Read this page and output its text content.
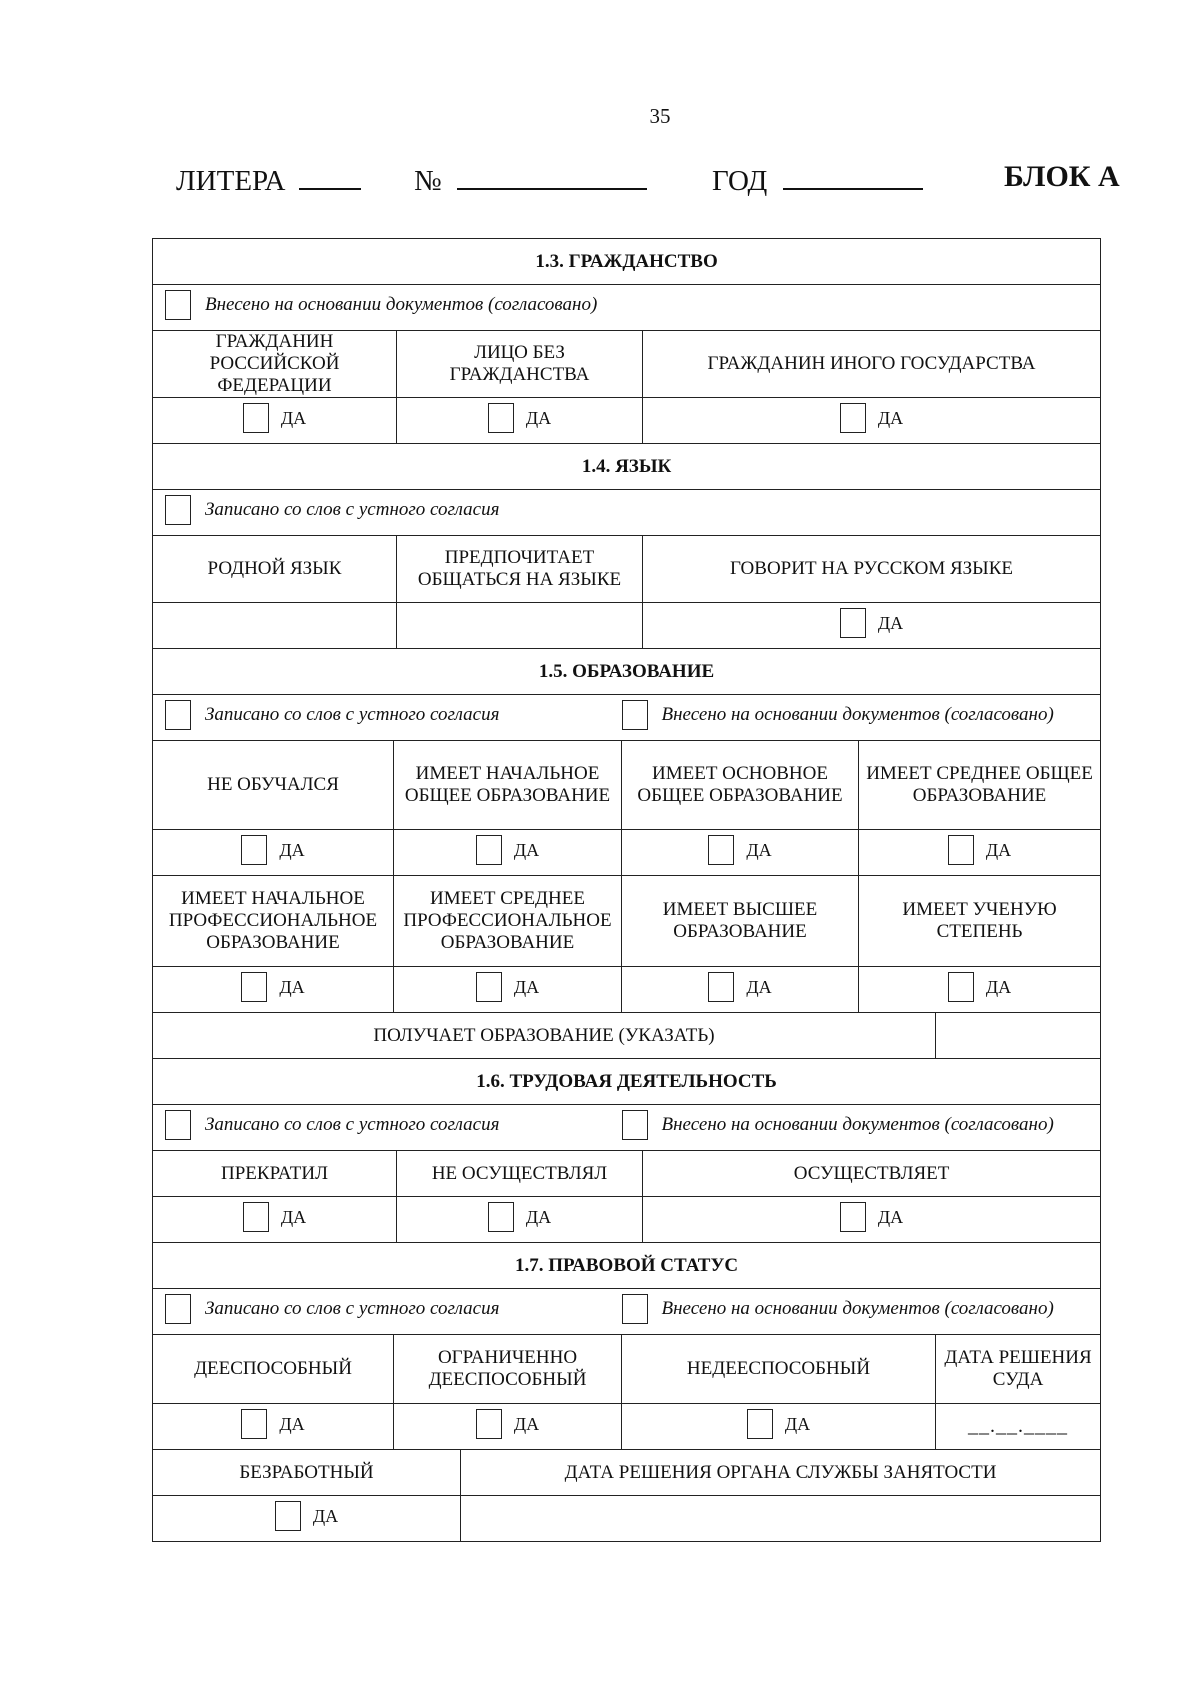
35
ЛИТЕРА	№	ГОД	БЛОК А
1.3. ГРАЖДАНСТВО							

Внесено на основании документов (согласовано)							

ГРАЖДАНИН РОССИЙСКОЙ ФЕДЕРАЦИИ		ЛИЦО БЕЗ ГРАЖДАНСТВА			ГРАЖДАНИН ИНОГО ГОСУДАРСТВА		

ДА		ДА			ДА		

1.4. ЯЗЫК							

Записано со слов с устного согласия							

РОДНОЙ ЯЗЫК		ПРЕДПОЧИТАЕТ ОБЩАТЬСЯ НА ЯЗЫКЕ			ГОВОРИТ НА РУССКОМ ЯЗЫКЕ		

					ДА		

1.5. ОБРАЗОВАНИЕ							

Записано со слов с устного согласия				Внесено на основании документов (согласовано)			

НЕ ОБУЧАЛСЯ	ИМЕЕТ НАЧАЛЬНОЕ ОБЩЕЕ ОБРАЗОВАНИЕ			ИМЕЕТ ОСНОВНОЕ ОБЩЕЕ ОБРАЗОВАНИЕ		ИМЕЕТ СРЕДНЕЕ ОБЩЕЕ ОБРАЗОВАНИЕ	

ДА	ДА			ДА		ДА	

ИМЕЕТ НАЧАЛЬНОЕ ПРОФЕССИОНАЛЬНОЕ ОБРАЗОВАНИЕ	ИМЕЕТ СРЕДНЕЕ ПРОФЕССИОНАЛЬНОЕ ОБРАЗОВАНИЕ			ИМЕЕТ ВЫСШЕЕ ОБРАЗОВАНИЕ		ИМЕЕТ УЧЕНУЮ СТЕПЕНЬ	

ДА	ДА			ДА		ДА	

ПОЛУЧАЕТ ОБРАЗОВАНИЕ (УКАЗАТЬ)							
1.6. ТРУДОВАЯ ДЕЯТЕЛЬНОСТЬ							

Записано со слов с устного согласия				Внесено на основании документов (согласовано)			

ПРЕКРАТИЛ		НЕ ОСУЩЕСТВЛЯЛ			ОСУЩЕСТВЛЯЕТ		

ДА		ДА			ДА		

1.7. ПРАВОВОЙ СТАТУС							

Записано со слов с устного согласия				Внесено на основании документов (согласовано)			

ДЕЕСПОСОБНЫЙ	ОГРАНИЧЕННО ДЕЕСПОСОБНЫЙ			НЕДЕЕСПОСОБНЫЙ			ДАТА РЕШЕНИЯ СУДА

ДА	ДА			ДА			__.__.____
БЕЗРАБОТНЫЙ			ДАТА РЕШЕНИЯ ОРГАНА СЛУЖБЫ ЗАНЯТОСТИ				

ДА							
